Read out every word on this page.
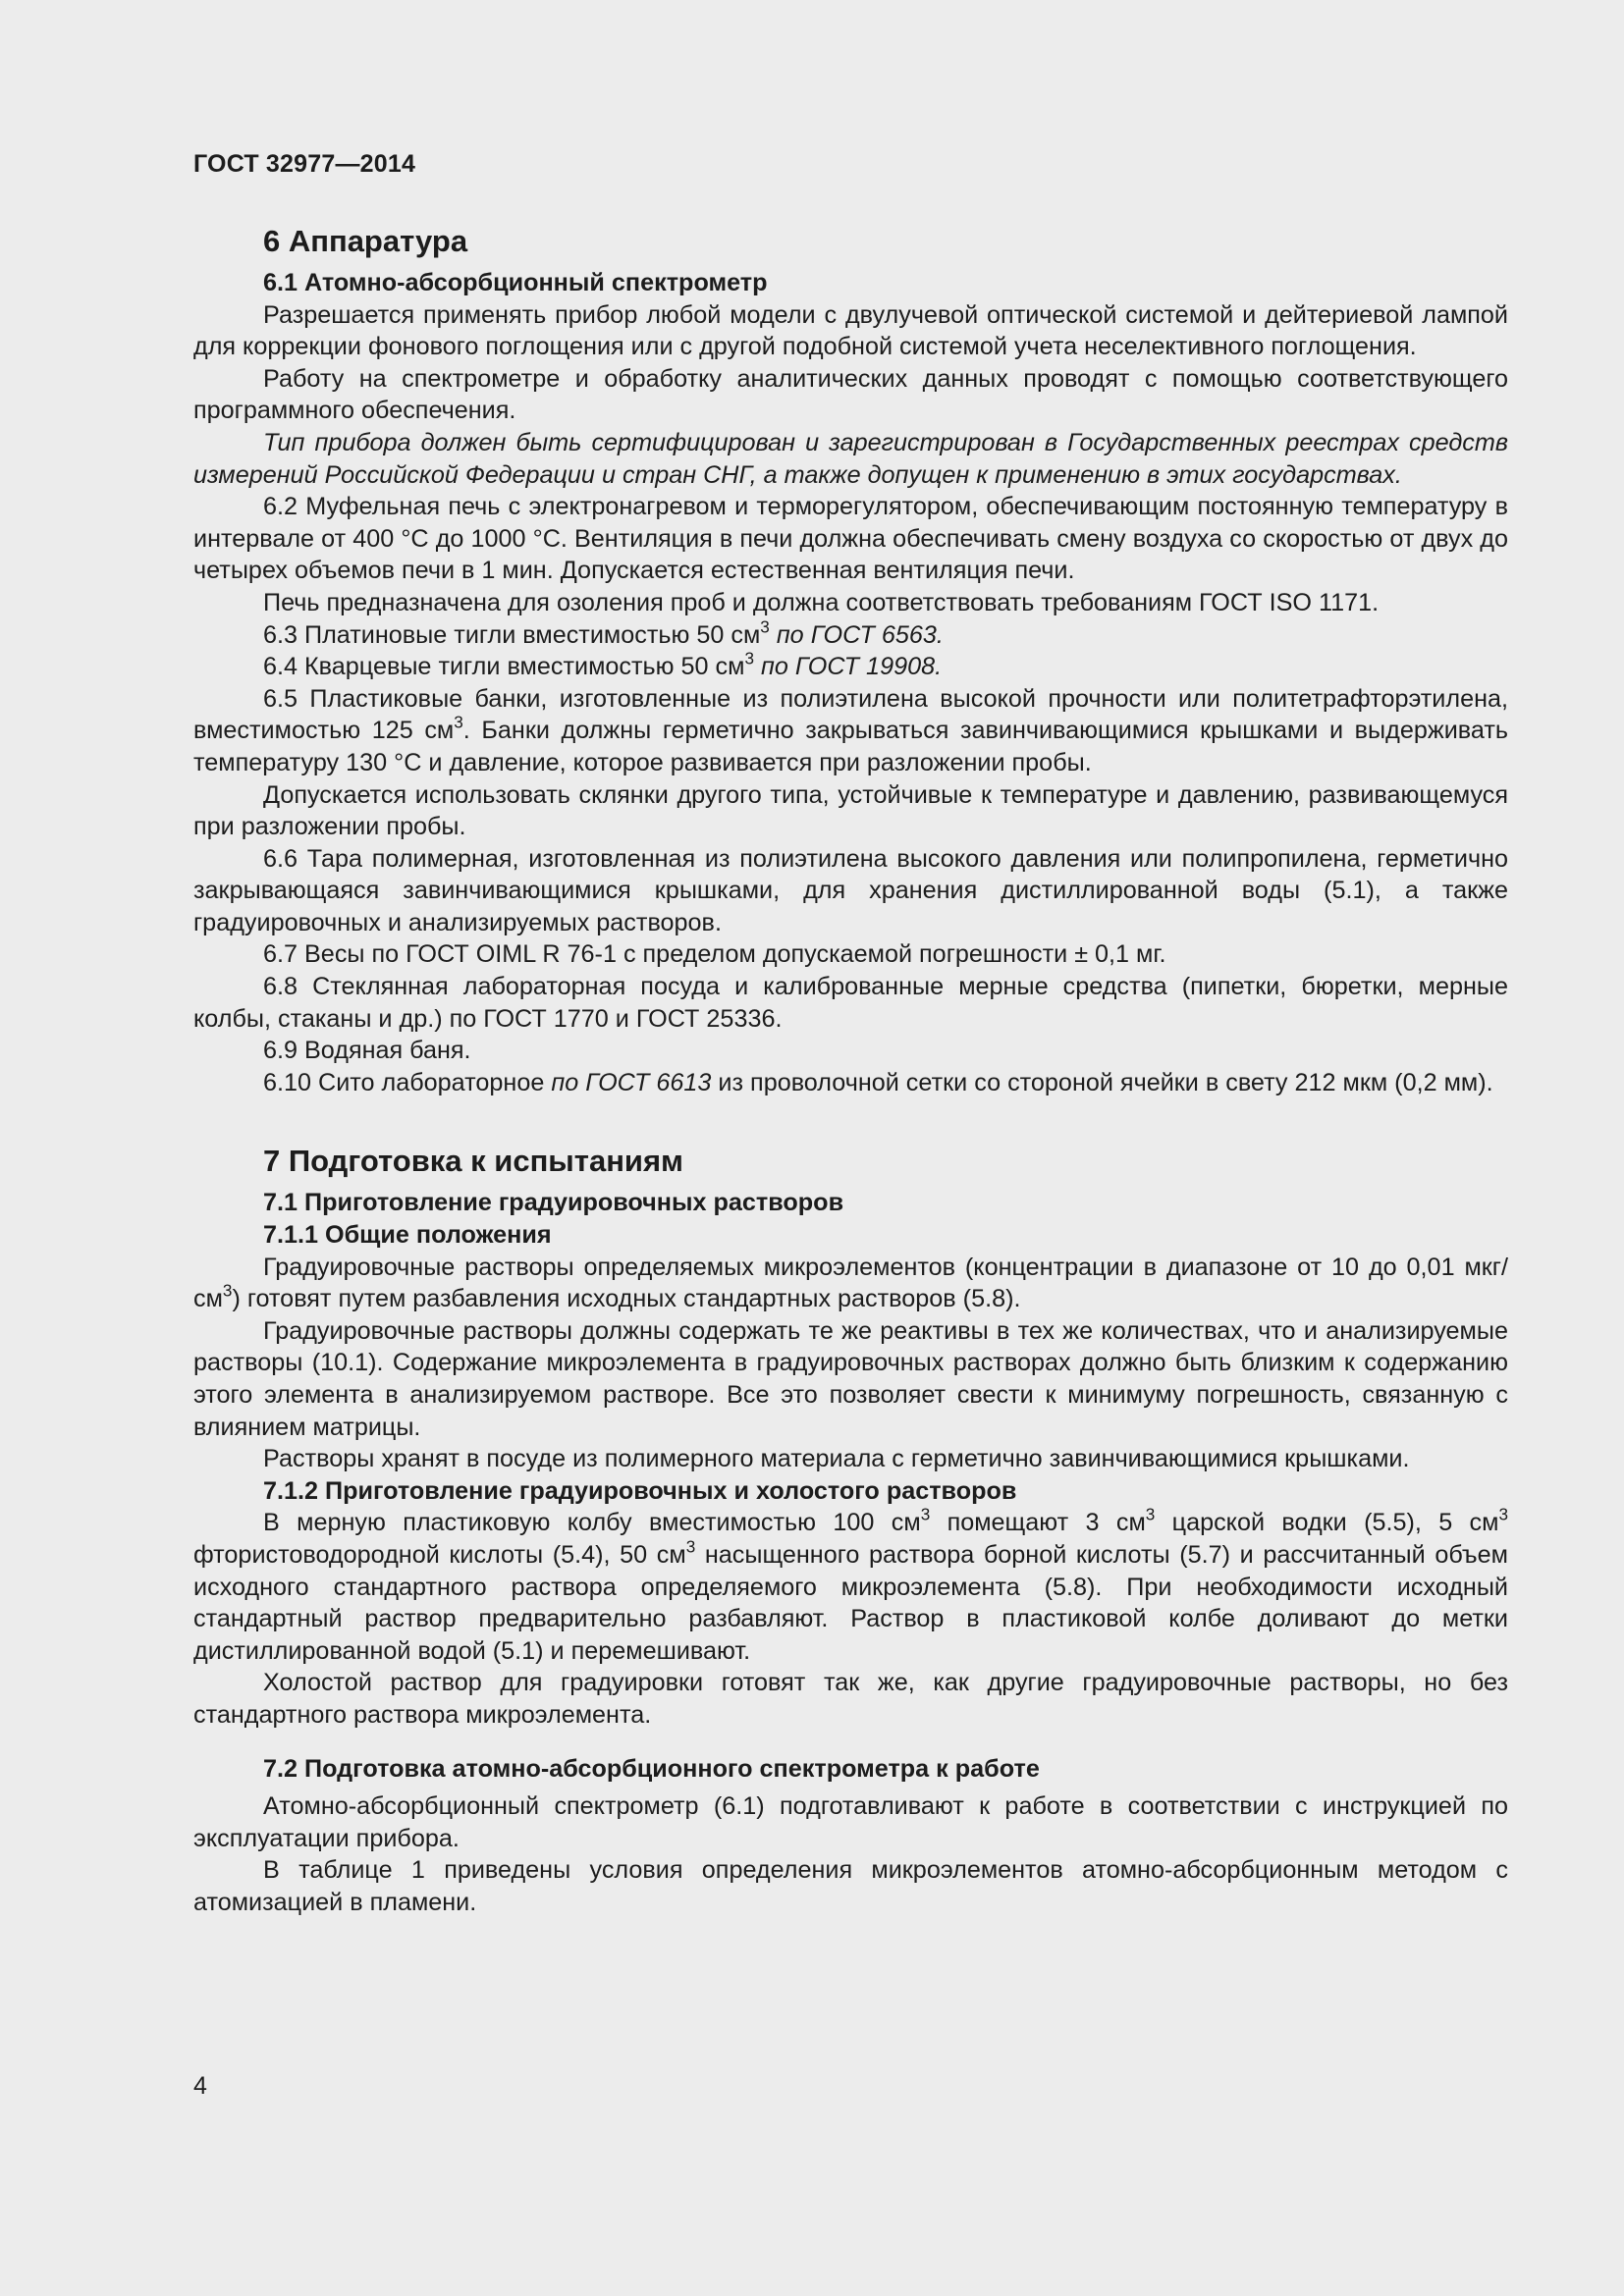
ГОСТ 32977—2014
6 Аппаратура
6.1 Атомно-абсорбционный спектрометр

Разрешается применять прибор любой модели с двулучевой оптической системой и дейтериевой лампой для коррекции фонового поглощения или с другой подобной системой учета неселективного поглощения.

Работу на спектрометре и обработку аналитических данных проводят с помощью соответствующего программного обеспечения.

Тип прибора должен быть сертифицирован и зарегистрирован в Государственных реестрах средств измерений Российской Федерации и стран СНГ, а также допущен к применению в этих государствах.

6.2 Муфельная печь с электронагревом и терморегулятором, обеспечивающим постоянную температуру в интервале от 400 °С до 1000 °С. Вентиляция в печи должна обеспечивать смену воздуха со скоростью от двух до четырех объемов печи в 1 мин. Допускается естественная вентиляция печи.

Печь предназначена для озоления проб и должна соответствовать требованиям ГОСТ ISO 1171.

6.3 Платиновые тигли вместимостью 50 $см^3$ по ГОСТ 6563.

6.4 Кварцевые тигли вместимостью 50 $см^3$ по ГОСТ 19908.

6.5 Пластиковые банки, изготовленные из полиэтилена высокой прочности или политетрафторэтилена, вместимостью 125 $см^3$. Банки должны герметично закрываться завинчивающимися крышками и выдерживать температуру 130 °С и давление, которое развивается при разложении пробы.

Допускается использовать склянки другого типа, устойчивые к температуре и давлению, развивающемуся при разложении пробы.

6.6 Тара полимерная, изготовленная из полиэтилена высокого давления или полипропилена, герметично закрывающаяся завинчивающимися крышками, для хранения дистиллированной воды (5.1), а также градуировочных и анализируемых растворов.

6.7 Весы по ГОСТ OIML R 76-1 с пределом допускаемой погрешности ± 0,1 мг.

6.8 Стеклянная лабораторная посуда и калиброванные мерные средства (пипетки, бюретки, мерные колбы, стаканы и др.) по ГОСТ 1770 и ГОСТ 25336.

6.9 Водяная баня.

6.10 Сито лабораторное по ГОСТ 6613 из проволочной сетки со стороной ячейки в свету 212 мкм (0,2 мм).

7 Подготовка к испытаниям
7.1 Приготовление градуировочных растворов
7.1.1 Общие положения

Градуировочные растворы определяемых микроэлементов (концентрации в диапазоне от 10 до 0,01 мкг/$см^3$) готовят путем разбавления исходных стандартных растворов (5.8).

Градуировочные растворы должны содержать те же реактивы в тех же количествах, что и анализируемые растворы (10.1). Содержание микроэлемента в градуировочных растворах должно быть близким к содержанию этого элемента в анализируемом растворе. Все это позволяет свести к минимуму погрешность, связанную с влиянием матрицы.

Растворы хранят в посуде из полимерного материала с герметично завинчивающимися крышками.

7.1.2 Приготовление градуировочных и холостого растворов

В мерную пластиковую колбу вместимостью 100 $см^3$ помещают 3 $см^3$ царской водки (5.5), 5 $см^3$ фтористоводородной кислоты (5.4), 50 $см^3$ насыщенного раствора борной кислоты (5.7) и рассчитанный объем исходного стандартного раствора определяемого микроэлемента (5.8). При необходимости исходный стандартный раствор предварительно разбавляют. Раствор в пластиковой колбе доливают до метки дистиллированной водой (5.1) и перемешивают.

Холостой раствор для градуировки готовят так же, как другие градуировочные растворы, но без стандартного раствора микроэлемента.

7.2 Подготовка атомно-абсорбционного спектрометра к работе

Атомно-абсорбционный спектрометр (6.1) подготавливают к работе в соответствии с инструкцией по эксплуатации прибора.

В таблице 1 приведены условия определения микроэлементов атомно-абсорбционным методом с атомизацией в пламени.

4
